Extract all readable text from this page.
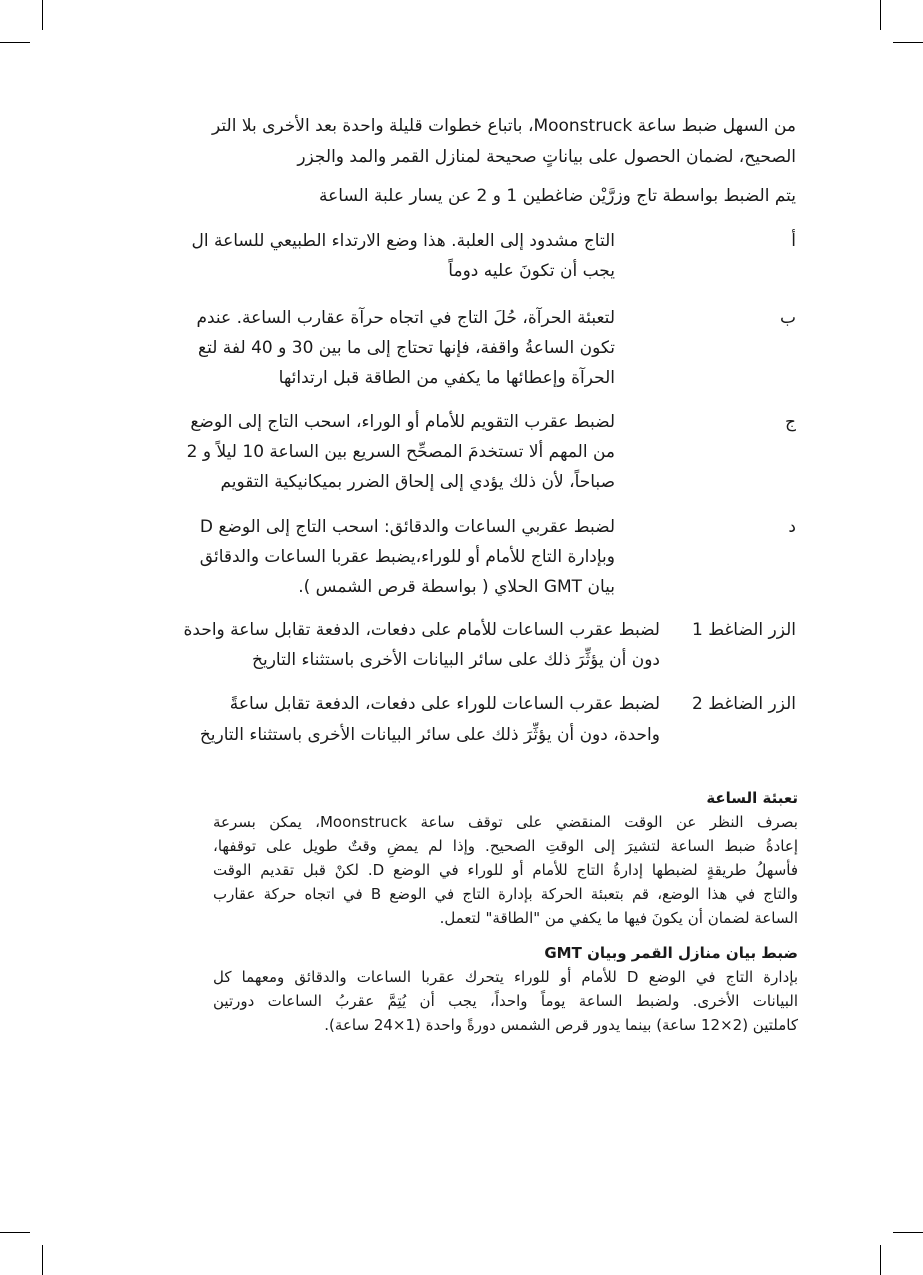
من السهل ضبط ساعة Moonstruck، باتباع خطوات قليلة واحدة بعد الأخرى بلا التر
الصحيح، لضمان الحصول على بياناتٍ صحيحة لمنازل القمر والمد والجزر
يتم الضبط بواسطة تاج وزرَّيْن ضاغطين 1 و 2 عن يسار علبة الساعة
أ
التاج مشدود إلى العلبة. هذا وضع الارتداء الطبيعي للساعة ال
يجب أن تكونَ عليه دوماً
ب
لتعبئة الحرآة، حُلَ التاج في اتجاه حرآة عقارب الساعة. عندم
تكون الساعةُ واقفة، فإنها تحتاج إلى ما بين 30 و 40 لفة لتع
الحرآة وإعطائها ما يكفي من الطاقة قبل ارتدائها
ج
لضبط عقرب التقويم للأمام أو الوراء، اسحب التاج إلى الوضع
من المهم ألا تستخدمَ المصحِّح السريع بين الساعة 10 ليلاً و 2
صباحاً، لأن ذلك يؤدي إلى إلحاق الضرر بميكانيكية التقويم
د
لضبط عقربي الساعات والدقائق: اسحب التاج إلى الوضع D
وبإدارة التاج للأمام أو للوراء،يضبط عقربا الساعات والدقائق
بيان GMT الحلاي ( بواسطة قرص الشمس ).
الزر الضاغط 1
لضبط عقرب الساعات للأمام على دفعات، الدفعة تقابل ساعة واحدة
دون أن يؤثِّرَ ذلك على سائر البيانات الأخرى باستثناء التاريخ
الزر الضاغط 2
لضبط عقرب الساعات للوراء على دفعات، الدفعة تقابل ساعةً
واحدة، دون أن يؤثِّرَ ذلك على سائر البيانات الأخرى باستثناء التاريخ
تعبئة الساعة
بصرف النظر عن الوقت المنقضي على توقف ساعة Moonstruck، يمكن بسرعة
إعادةُ ضبط الساعة لتشيرَ إلى الوقتِ الصحيح. وإذا لم يمضِ وقتٌ طويل على توقفها،
فأسهلُ طريقةٍ لضبطها إدارةُ التاج للأمام أو للوراء في الوضع D. لكنْ قبل تقديم الوقت
والتاج في هذا الوضع، قم بتعبئة الحركة بإدارة التاج في الوضع B في اتجاه حركة عقارب
الساعة لضمان أن يكونَ فيها ما يكفي من "الطاقة" لتعمل.
ضبط بيان منازل القمر وبيان GMT
بإدارة التاج في الوضع D للأمام أو للوراء يتحرك عقربا الساعات والدقائق ومعهما كل
البيانات الأخرى. ولضبط الساعة يوماً واحداً، يجب أن يُتِمَّ عقربُ الساعات دورتين
كاملتين (2×12 ساعة) بينما يدور قرص الشمس دورةً واحدة (1×24 ساعة).
